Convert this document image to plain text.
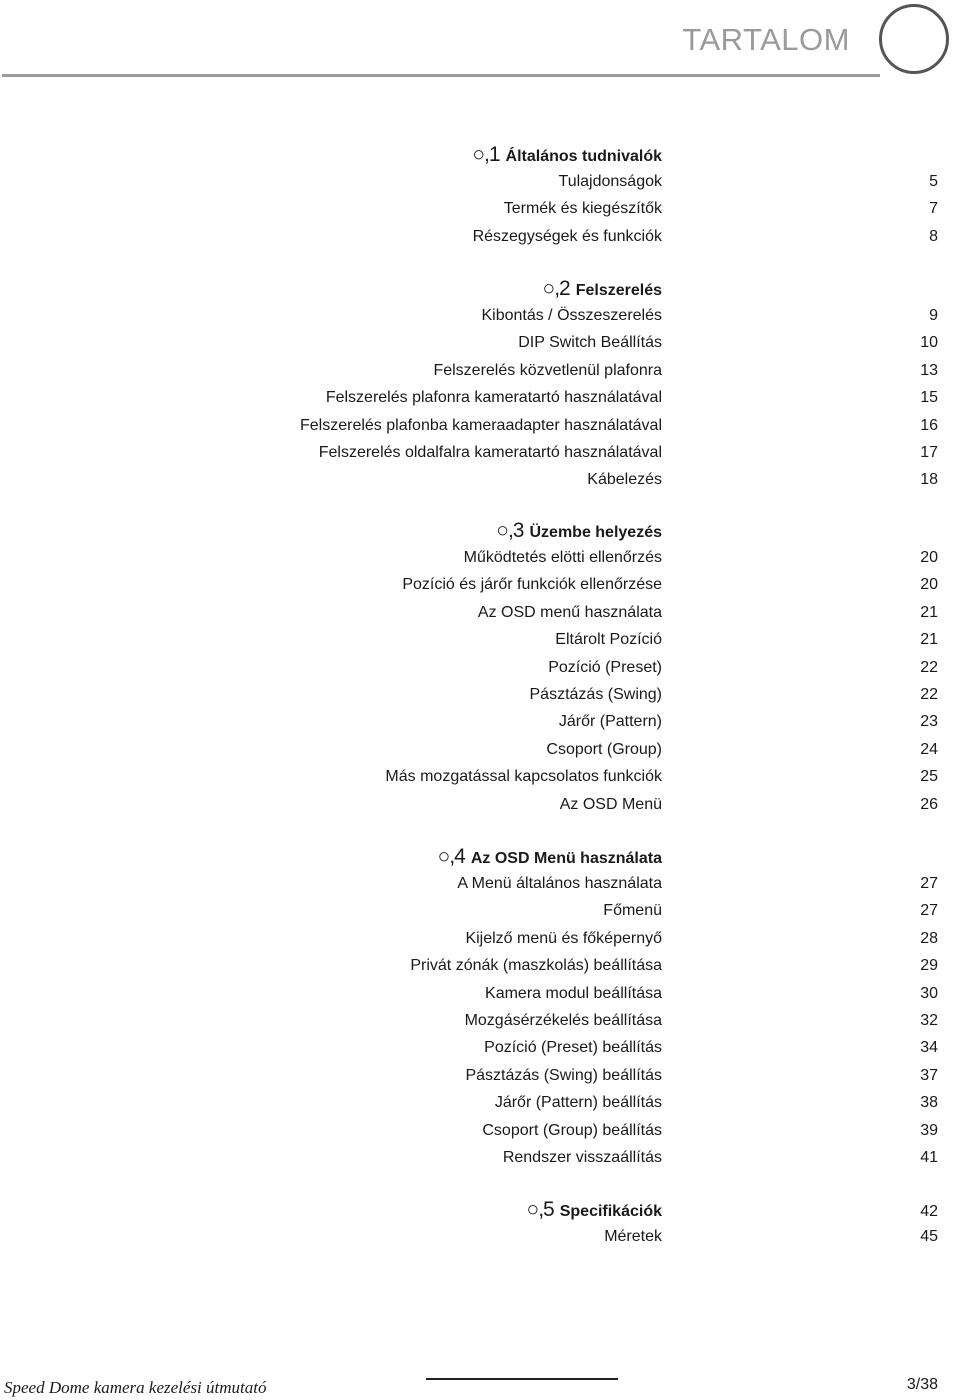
TARTALOM
○,1 Általános tudnivalók
Tulajdonságok	5
Termék és kiegészítők	7
Részegységek és funkciók	8
○,2 Felszerelés
Kibontás / Összeszerelés	9
DIP Switch Beállítás	10
Felszerelés közvetlenül plafonra	13
Felszerelés plafonra kameratartó használatával	15
Felszerelés plafonba kameraadapter használatával	16
Felszerelés oldalfalra kameratartó használatával	17
Kábelezés	18
○,3 Üzembe helyezés
Működtetés elötti ellenőrzés	20
Pozíció és járőr funkciók ellenőrzése	20
Az OSD menű használata	21
Eltárolt Pozíció	21
Pozíció (Preset)	22
Pásztázás (Swing)	22
Járőr (Pattern)	23
Csoport (Group)	24
Más mozgatással kapcsolatos funkciók	25
Az OSD Menü	26
○,4 Az OSD Menü használata
A Menü általános használata	27
Főmenü	27
Kijelző menü és főképernyő	28
Privát zónák (maszkolás) beállítása	29
Kamera modul beállítása	30
Mozgásérzékelés beállítása	32
Pozíció (Preset) beállítás	34
Pásztázás (Swing) beállítás	37
Járőr (Pattern) beállítás	38
Csoport (Group) beállítás	39
Rendszer visszaállítás	41
○,5 Specifikációk	42
Méretek	45
Speed Dome kamera kezelési útmutató	3/38
